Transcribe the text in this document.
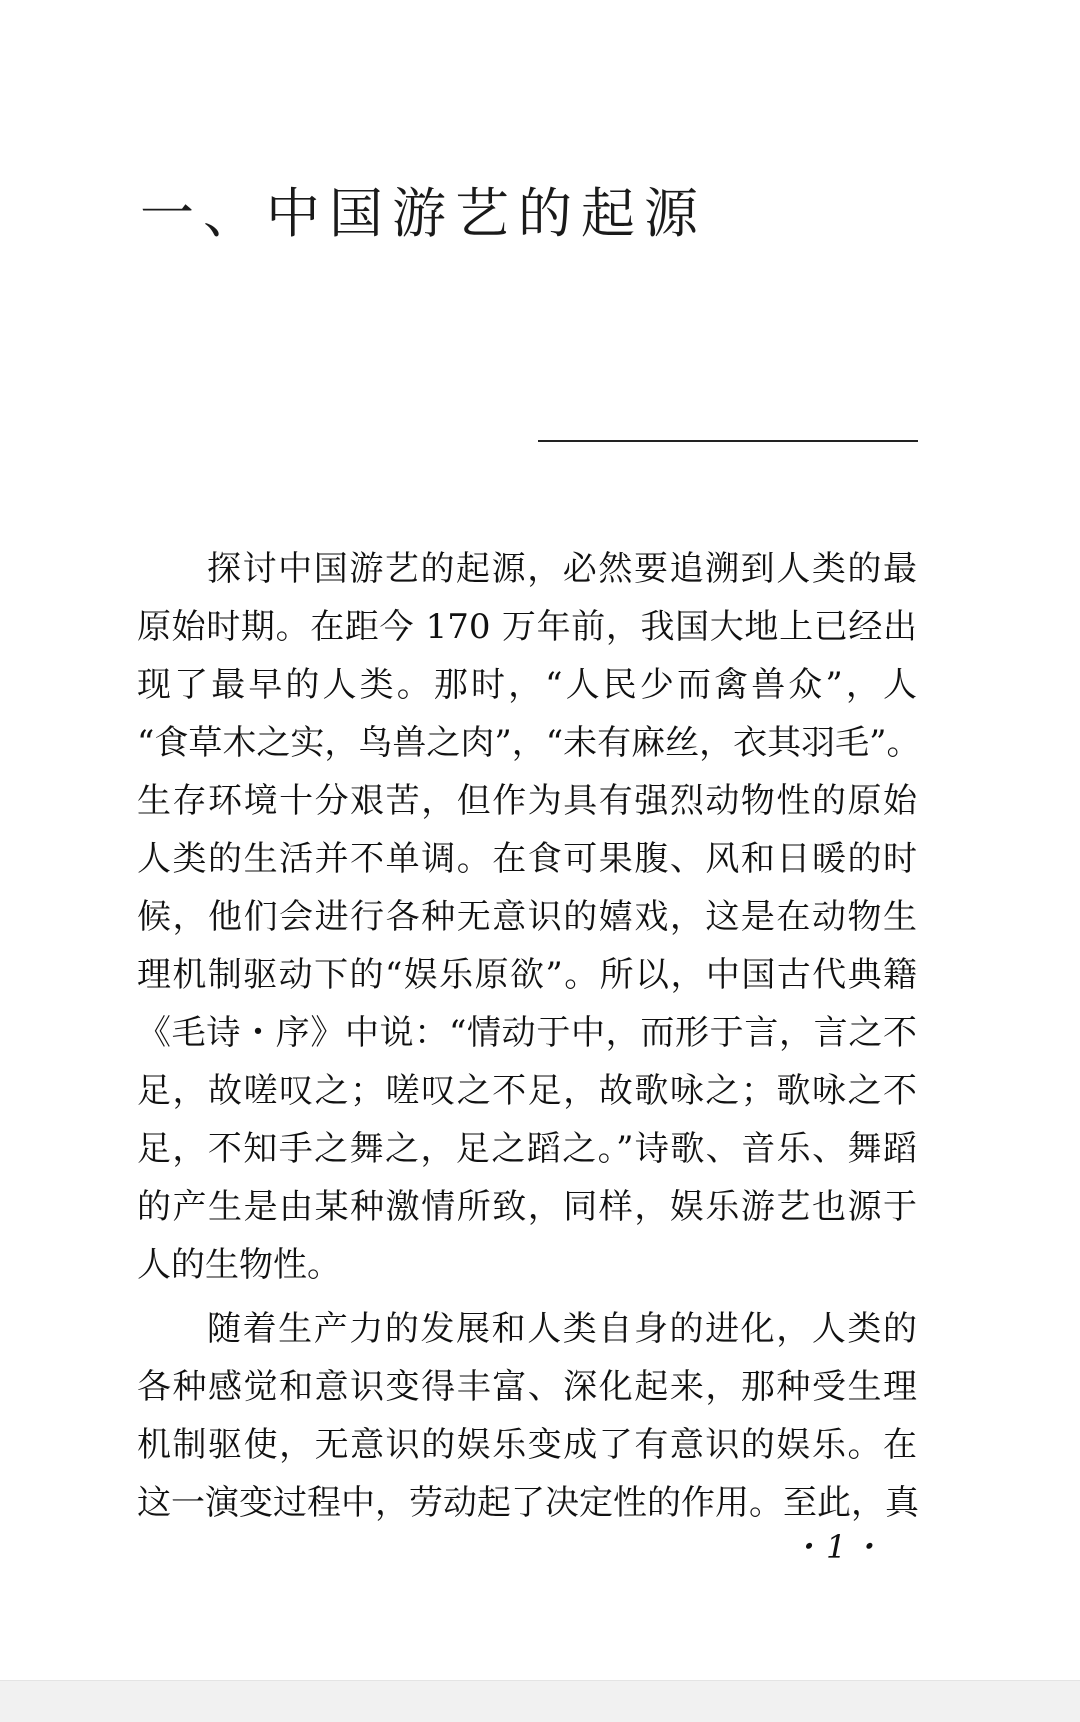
一、中国游艺的起源
探讨中国游艺的起源，必然要追溯到人类的最
原始时期。在距今 170 万年前，我国大地上已经出
现了最早的人类。那时，“人民少而禽兽众”，人
“食草木之实，鸟兽之肉”，“未有麻丝，衣其羽毛”。
生存环境十分艰苦，但作为具有强烈动物性的原始
人类的生活并不单调。在食可果腹、风和日暖的时
候，他们会进行各种无意识的嬉戏，这是在动物生
理机制驱动下的“娱乐原欲”。所以，中国古代典籍
《毛诗・序》中说：“情动于中，而形于言，言之不
足，故嗟叹之；嗟叹之不足，故歌咏之；歌咏之不
足，不知手之舞之，足之蹈之。”诗歌、音乐、舞蹈
的产生是由某种激情所致，同样，娱乐游艺也源于
人的生物性。
随着生产力的发展和人类自身的进化，人类的
各种感觉和意识变得丰富、深化起来，那种受生理
机制驱使，无意识的娱乐变成了有意识的娱乐。在
这一演变过程中，劳动起了决定性的作用。至此，真
・1・
